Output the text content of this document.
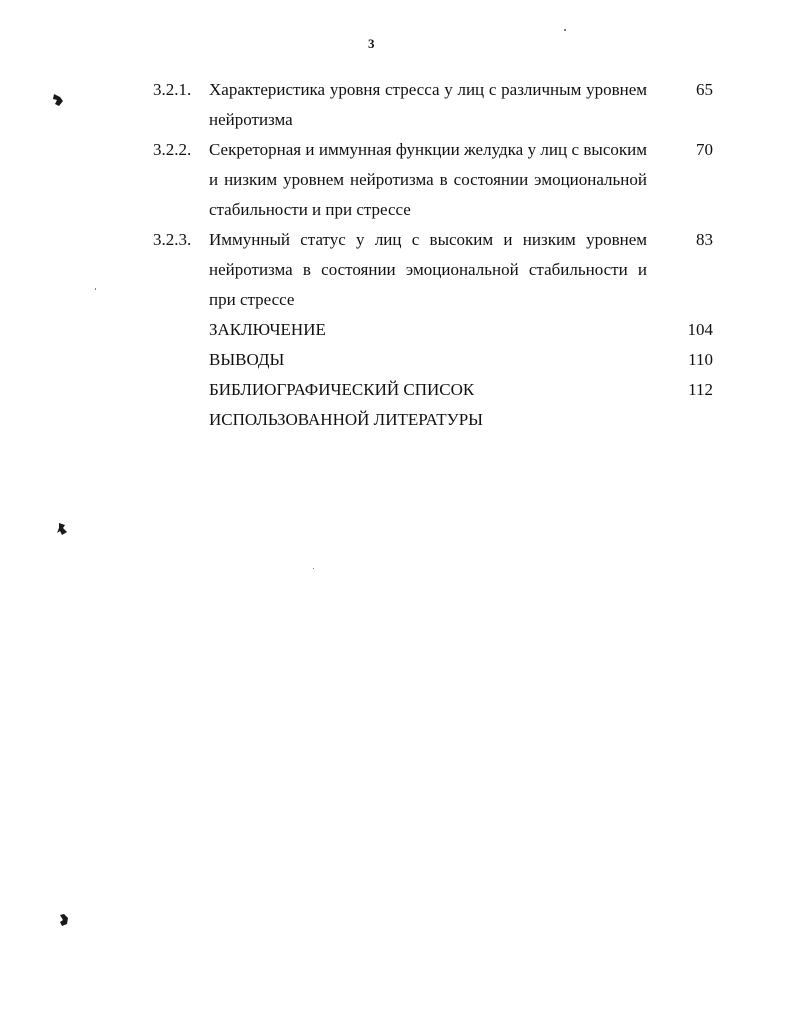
3
3.2.1. Характеристика уровня стресса у лиц с различным уровнем нейротизма
65
3.2.2. Секреторная и иммунная функции желудка у лиц с высоким и низким уровнем нейротизма в состоянии эмоциональной стабильности и при стрессе
70
3.2.3. Иммунный статус у лиц с высоким и низким уровнем нейротизма в состоянии эмоциональной стабильности и при стрессе
83
ЗАКЛЮЧЕНИЕ	104
ВЫВОДЫ	110
БИБЛИОГРАФИЧЕСКИЙ СПИСОК ИСПОЛЬЗОВАННОЙ ЛИТЕРАТУРЫ
112
